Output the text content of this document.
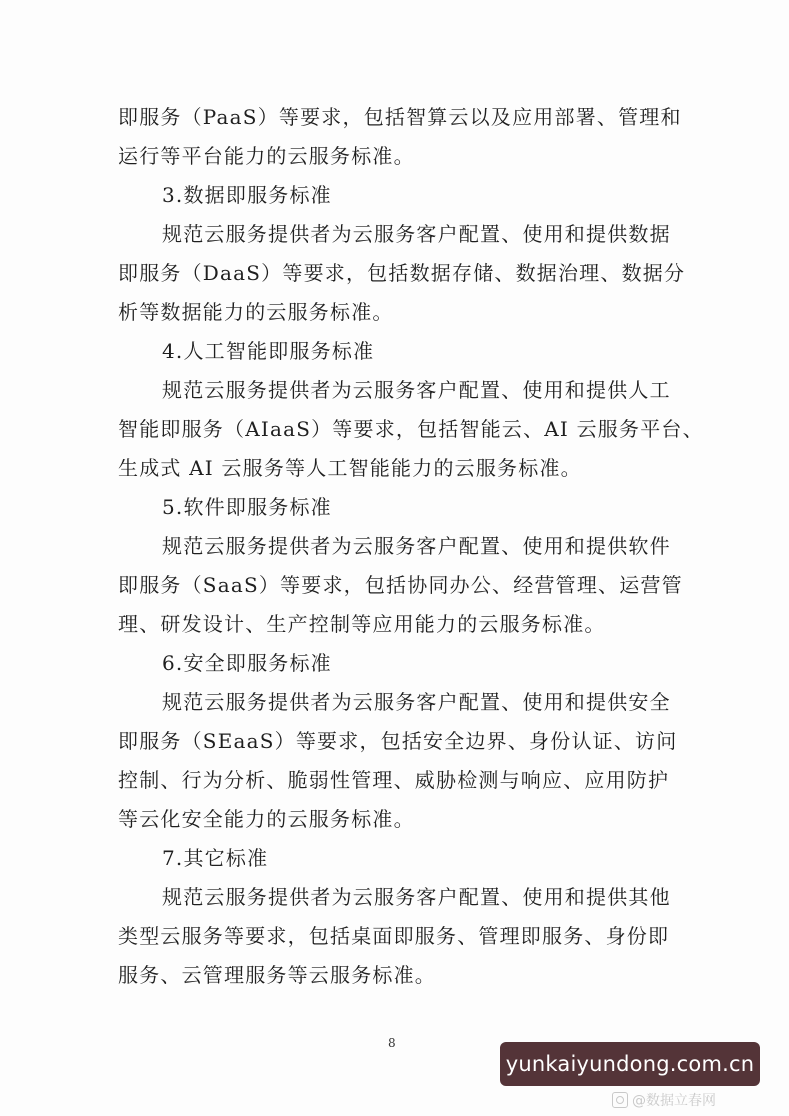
即服务（PaaS）等要求，包括智算云以及应用部署、管理和
运行等平台能力的云服务标准。
3.数据即服务标准
规范云服务提供者为云服务客户配置、使用和提供数据
即服务（DaaS）等要求，包括数据存储、数据治理、数据分
析等数据能力的云服务标准。
4.人工智能即服务标准
规范云服务提供者为云服务客户配置、使用和提供人工
智能即服务（AIaaS）等要求，包括智能云、AI 云服务平台、
生成式 AI 云服务等人工智能能力的云服务标准。
5.软件即服务标准
规范云服务提供者为云服务客户配置、使用和提供软件
即服务（SaaS）等要求，包括协同办公、经营管理、运营管
理、研发设计、生产控制等应用能力的云服务标准。
6.安全即服务标准
规范云服务提供者为云服务客户配置、使用和提供安全
即服务（SEaaS）等要求，包括安全边界、身份认证、访问
控制、行为分析、脆弱性管理、威胁检测与响应、应用防护
等云化安全能力的云服务标准。
7.其它标准
规范云服务提供者为云服务客户配置、使用和提供其他
类型云服务等要求，包括桌面即服务、管理即服务、身份即
服务、云管理服务等云服务标准。
8
yunkaiyundong.com.cn
@数据立春网
